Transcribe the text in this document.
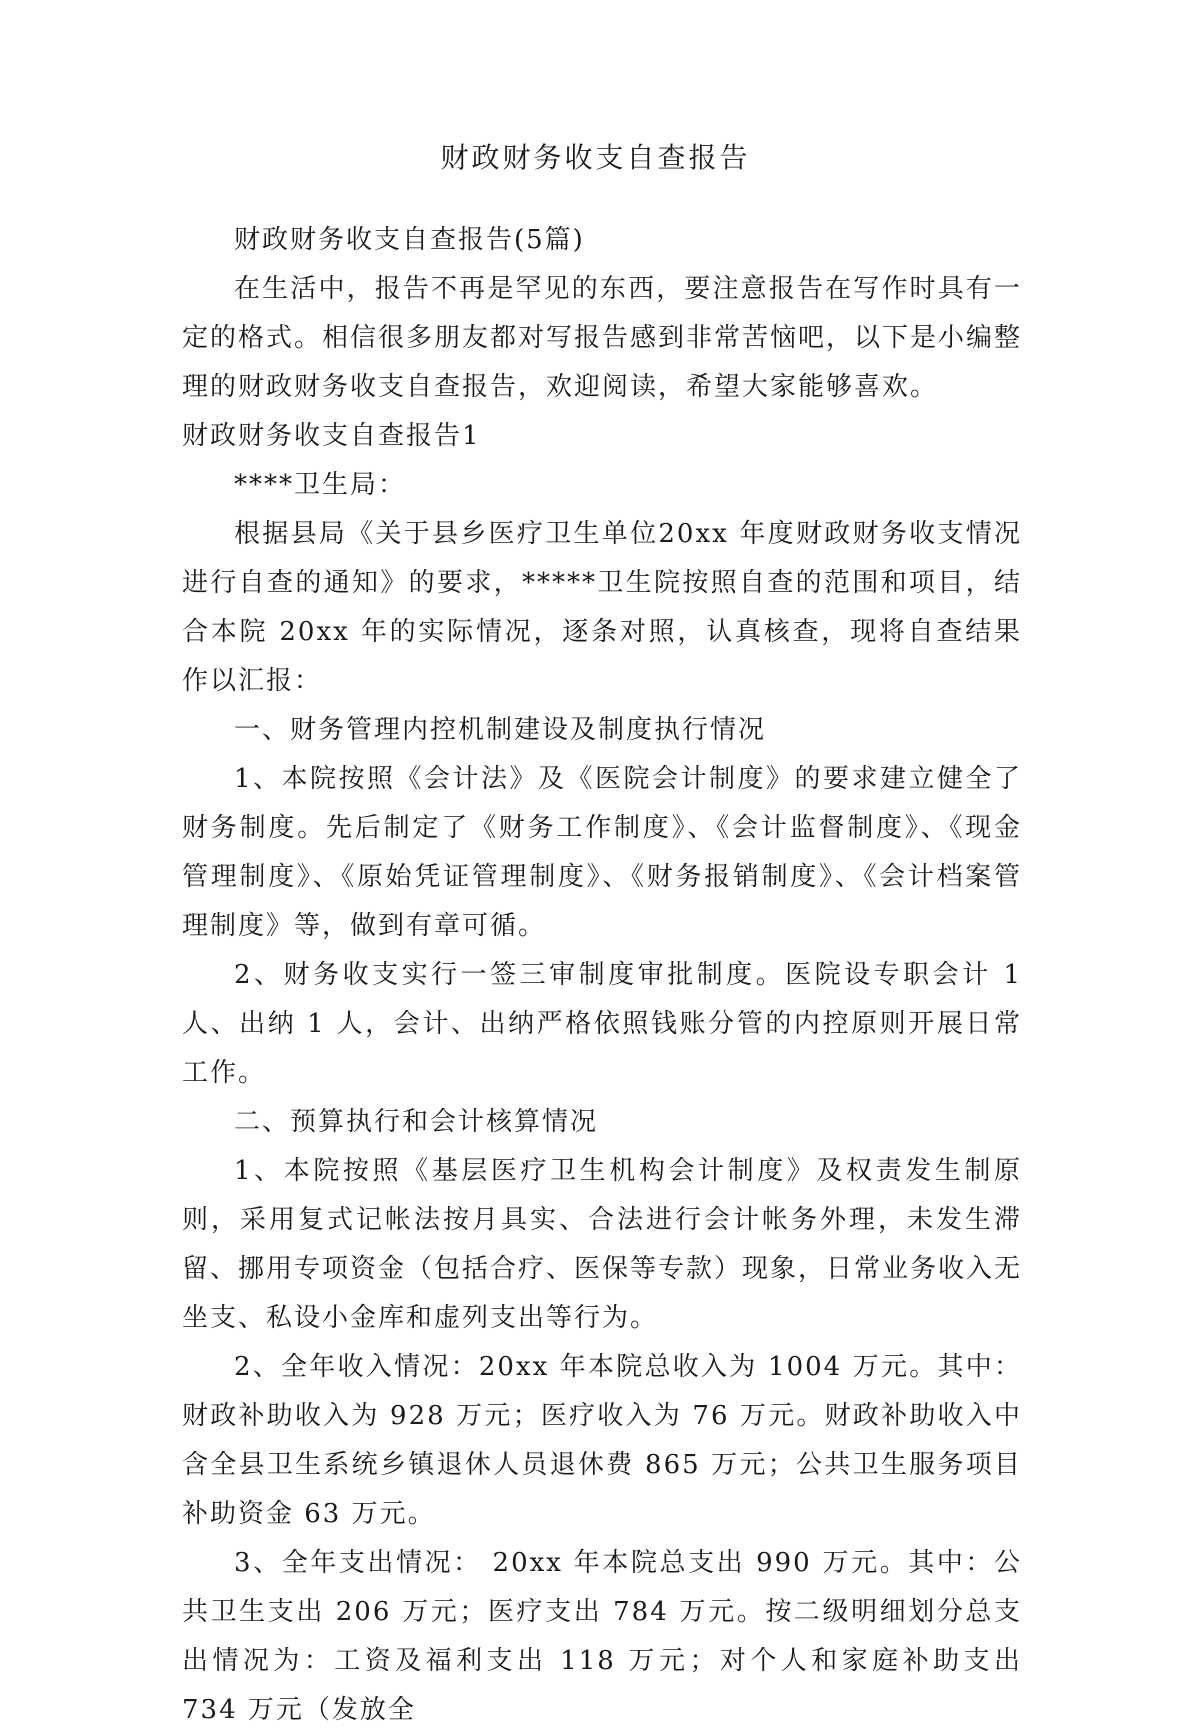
财政财务收支自查报告

财政财务收支自查报告(5篇)

在生活中，报告不再是罕见的东西，要注意报告在写作时具有一定的格式。相信很多朋友都对写报告感到非常苦恼吧，以下是小编整理的财政财务收支自查报告，欢迎阅读，希望大家能够喜欢。

财政财务收支自查报告1

****卫生局：

根据县局《关于县乡医疗卫生单位20xx 年度财政财务收支情况进行自查的通知》的要求，*****卫生院按照自查的范围和项目，结合本院 20xx 年的实际情况，逐条对照，认真核查，现将自查结果作以汇报：

一、财务管理内控机制建设及制度执行情况

1、本院按照《会计法》及《医院会计制度》的要求建立健全了财务制度。先后制定了《财务工作制度》、《会计监督制度》、《现金管理制度》、《原始凭证管理制度》、《财务报销制度》、《会计档案管理制度》等，做到有章可循。

2、财务收支实行一签三审制度审批制度。医院设专职会计 1 人、出纳 1 人，会计、出纳严格依照钱账分管的内控原则开展日常工作。

二、预算执行和会计核算情况

1、本院按照《基层医疗卫生机构会计制度》及权责发生制原则，采用复式记帐法按月具实、合法进行会计帐务外理，未发生滞留、挪用专项资金（包括合疗、医保等专款）现象，日常业务收入无坐支、私设小金库和虚列支出等行为。

2、全年收入情况：20xx 年本院总收入为 1004 万元。其中：财政补助收入为 928 万元；医疗收入为 76 万元。财政补助收入中含全县卫生系统乡镇退休人员退休费 865 万元；公共卫生服务项目补助资金 63 万元。

3、全年支出情况： 20xx 年本院总支出 990 万元。其中：公共卫生支出 206 万元；医疗支出 784 万元。按二级明细划分总支出情况为：工资及福利支出 118 万元；对个人和家庭补助支出 734 万元（发放全
